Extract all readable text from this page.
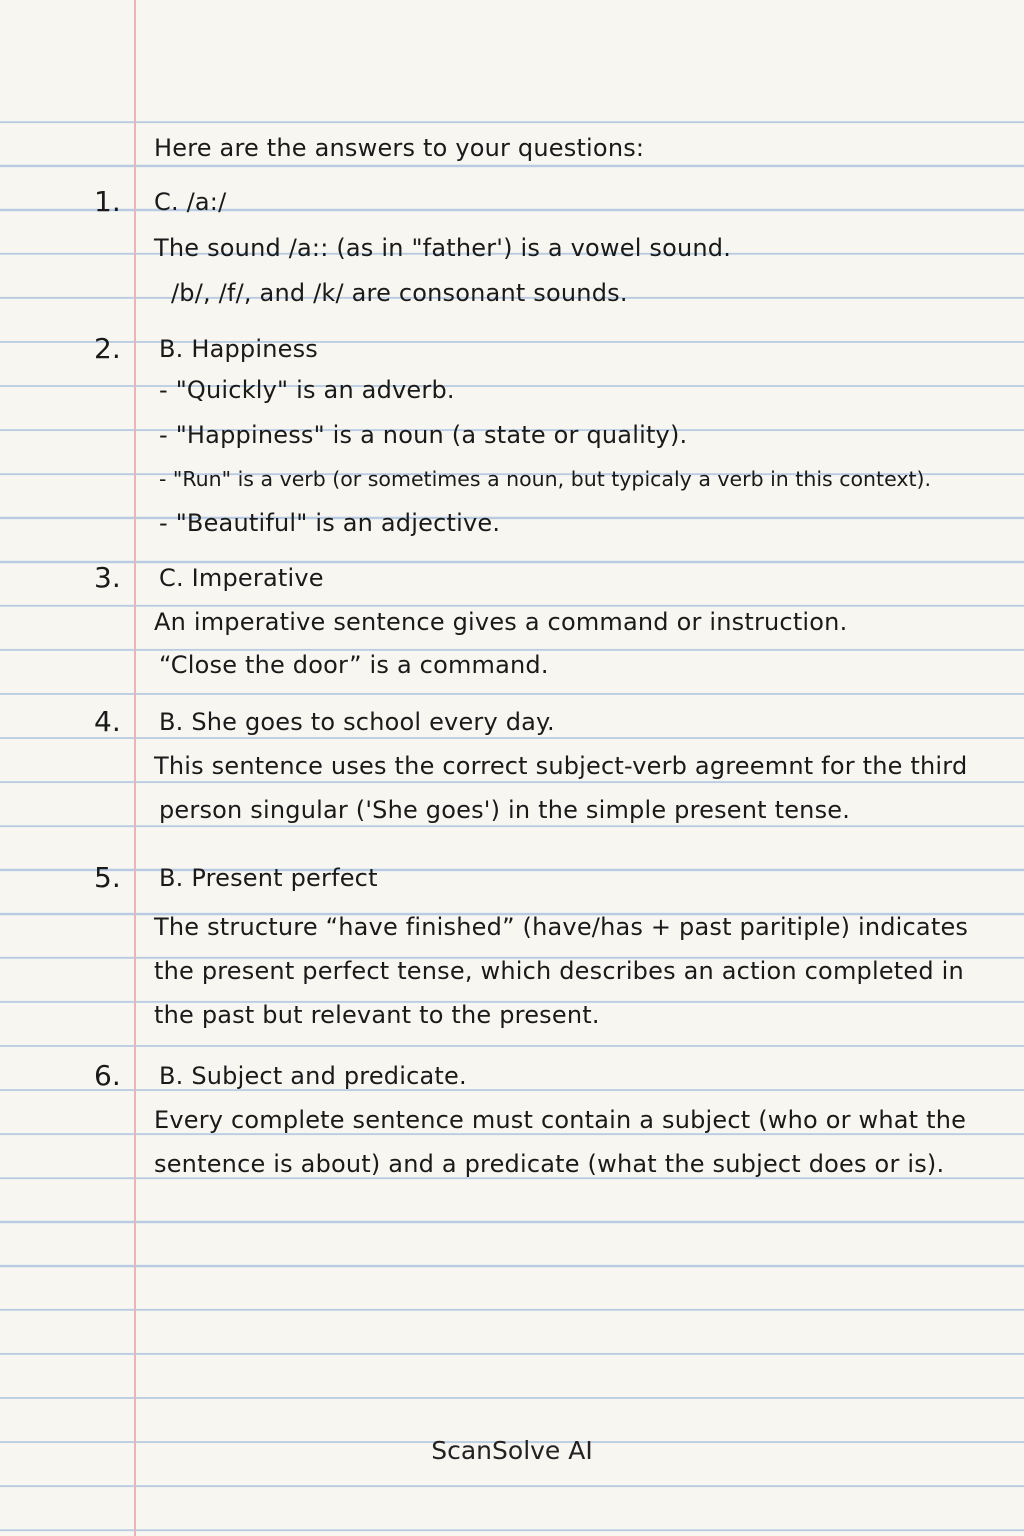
Here are the answers to your questions:
1. C. /a:/
The sound /a:: (as in "father') is a vowel sound.
/b/, /f/, and /k/ are consonant sounds.
2. B. Happiness
- "Quickly" is an adverb.
- "Happiness" is a noun (a state or quality).
- "Run" is a verb (or sometimes a noun, but typicaly a verb in this context).
- "Beautiful" is an adjective.
3. C. Imperative
An imperative sentence gives a command or instruction.
“Close the door” is a command.
4. B. She goes to school every day.
This sentence uses the correct subject-verb agreemnt for the third
person singular ('She goes') in the simple present tense.
5. B. Present perfect
The structure “have finished” (have/has + past paritiple) indicates
the present perfect tense, which describes an action completed in
the past but relevant to the present.
6. B. Subject and predicate.
Every complete sentence must contain a subject (who or what the
sentence is about) and a predicate (what the subject does or is).
ScanSolve AI
